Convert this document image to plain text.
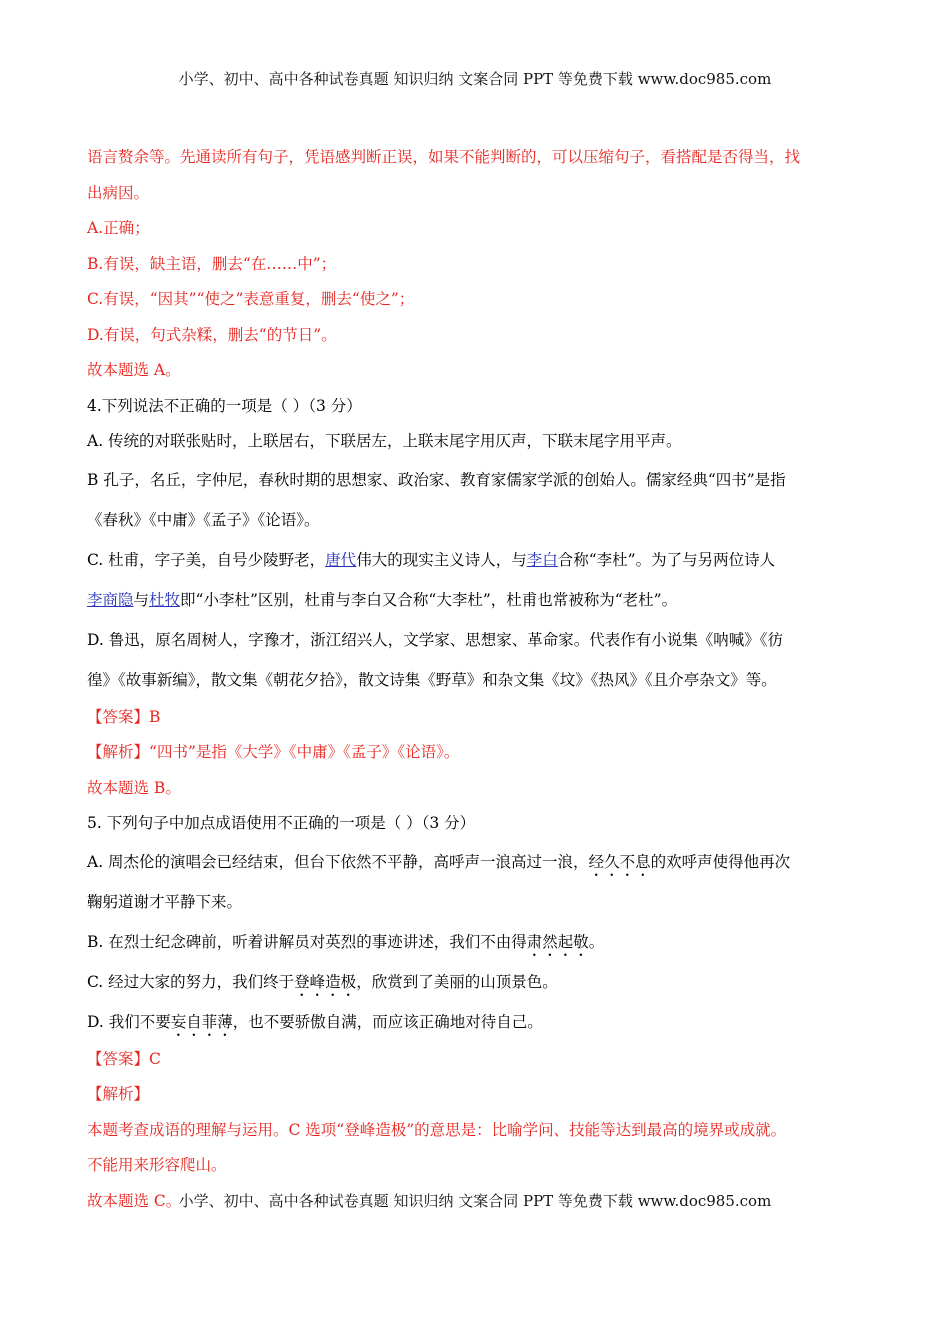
小学、初中、高中各种试卷真题 知识归纳 文案合同 PPT 等免费下载 www.doc985.com
语言赘余等。先通读所有句子，凭语感判断正误，如果不能判断的，可以压缩句子，看搭配是否得当，找
出病因。
A.正确；
B.有误，缺主语，删去“在……中”；
C.有误，“因其”“使之”表意重复，删去“使之”；
D.有误，句式杂糅，删去“的节日”。
故本题选 A。
4.下列说法不正确的一项是（ ）（3 分）
A. 传统的对联张贴时，上联居右，下联居左，上联末尾字用仄声，下联末尾字用平声。
B 孔子，名丘，字仲尼，春秋时期的思想家、政治家、教育家儒家学派的创始人。儒家经典“四书”是指
《春秋》《中庸》《孟子》《论语》。
C. 杜甫，字子美，自号少陵野老，唐代伟大的现实主义诗人，与李白合称“李杜”。为了与另两位诗人
李商隐与杜牧即“小李杜”区别，杜甫与李白又合称“大李杜”，杜甫也常被称为“老杜”。
D. 鲁迅，原名周树人，字豫才，浙江绍兴人，文学家、思想家、革命家。代表作有小说集《呐喊》《彷
徨》《故事新编》，散文集《朝花夕拾》，散文诗集《野草》和杂文集《坟》《热风》《且介亭杂文》等。
【答案】B
【解析】“四书”是指《大学》《中庸》《孟子》《论语》。
故本题选 B。
5. 下列句子中加点成语使用不正确的一项是（ ）（3 分）
A. 周杰伦的演唱会已经结束，但台下依然不平静，高呼声一浪高过一浪，经久不息的欢呼声使得他再次
鞠躬道谢才平静下来。
B. 在烈士纪念碑前，听着讲解员对英烈的事迹讲述，我们不由得肃然起敬。
C. 经过大家的努力，我们终于登峰造极，欣赏到了美丽的山顶景色。
D. 我们不要妄自菲薄，也不要骄傲自满，而应该正确地对待自己。
【答案】C
【解析】
本题考查成语的理解与运用。C 选项“登峰造极”的意思是：比喻学问、技能等达到最高的境界或成就。
不能用来形容爬山。
故本题选 C。
小学、初中、高中各种试卷真题 知识归纳 文案合同 PPT 等免费下载 www.doc985.com
